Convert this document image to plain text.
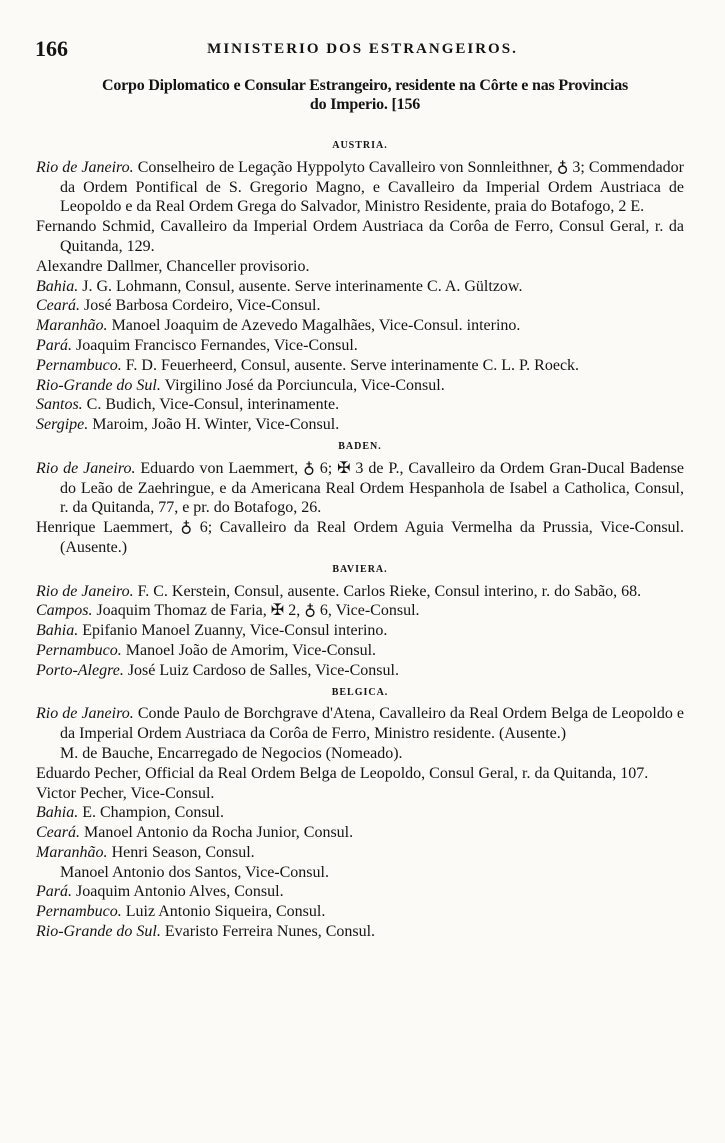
166	MINISTERIO DOS ESTRANGEIROS.
Corpo Diplomatico e Consular Estrangeiro, residente na Côrte e nas Provincias
do Imperio. [156
AUSTRIA.
Rio de Janeiro. Conselheiro de Legação Hyppolyto Cavalleiro von Sonnleithner, ♁ 3; Commendador da Ordem Pontifical de S. Gregorio Magno, e Cavalleiro da Imperial Ordem Austriaca de Leopoldo e da Real Ordem Grega do Salvador, Ministro Residente, praia do Botafogo, 2 E.
Fernando Schmid, Cavalleiro da Imperial Ordem Austriaca da Corôa de Ferro, Consul Geral, r. da Quitanda, 129.
Alexandre Dallmer, Chanceller provisorio.
Bahia. J. G. Lohmann, Consul, ausente. Serve interinamente C. A. Gültzow.
Ceará. José Barbosa Cordeiro, Vice-Consul.
Maranhão. Manoel Joaquim de Azevedo Magalhães, Vice-Consul. interino.
Pará. Joaquim Francisco Fernandes, Vice-Consul.
Pernambuco. F. D. Feuerheerd, Consul, ausente. Serve interinamente C. L. P. Roeck.
Rio-Grande do Sul. Virgilino José da Porciuncula, Vice-Consul.
Santos. C. Budich, Vice-Consul, interinamente.
Sergipe. Maroim, João H. Winter, Vice-Consul.
BADEN.
Rio de Janeiro. Eduardo von Laemmert, ♁ 6; ✠ 3 de P., Cavalleiro da Ordem Gran-Ducal Badense do Leão de Zaehringue, e da Americana Real Ordem Hespanhola de Isabel a Catholica, Consul, r. da Quitanda, 77, e pr. do Botafogo, 26.
Henrique Laemmert, ♁ 6; Cavalleiro da Real Ordem Aguia Vermelha da Prussia, Vice-Consul. (Ausente.)
BAVIERA.
Rio de Janeiro. F. C. Kerstein, Consul, ausente. Carlos Rieke, Consul interino, r. do Sabão, 68.
Campos. Joaquim Thomaz de Faria, ✠ 2, ♁ 6, Vice-Consul.
Bahia. Epifanio Manoel Zuanny, Vice-Consul interino.
Pernambuco. Manoel João de Amorim, Vice-Consul.
Porto-Alegre. José Luiz Cardoso de Salles, Vice-Consul.
BELGICA.
Rio de Janeiro. Conde Paulo de Borchgrave d'Atena, Cavalleiro da Real Ordem Belga de Leopoldo e da Imperial Ordem Austriaca da Corôa de Ferro, Ministro residente. (Ausente.)
M. de Bauche, Encarregado de Negocios (Nomeado).
Eduardo Pecher, Official da Real Ordem Belga de Leopoldo, Consul Geral, r. da Quitanda, 107.
Victor Pecher, Vice-Consul.
Bahia. E. Champion, Consul.
Ceará. Manoel Antonio da Rocha Junior, Consul.
Maranhão. Henri Season, Consul.
Manoel Antonio dos Santos, Vice-Consul.
Pará. Joaquim Antonio Alves, Consul.
Pernambuco. Luiz Antonio Siqueira, Consul.
Rio-Grande do Sul. Evaristo Ferreira Nunes, Consul.
